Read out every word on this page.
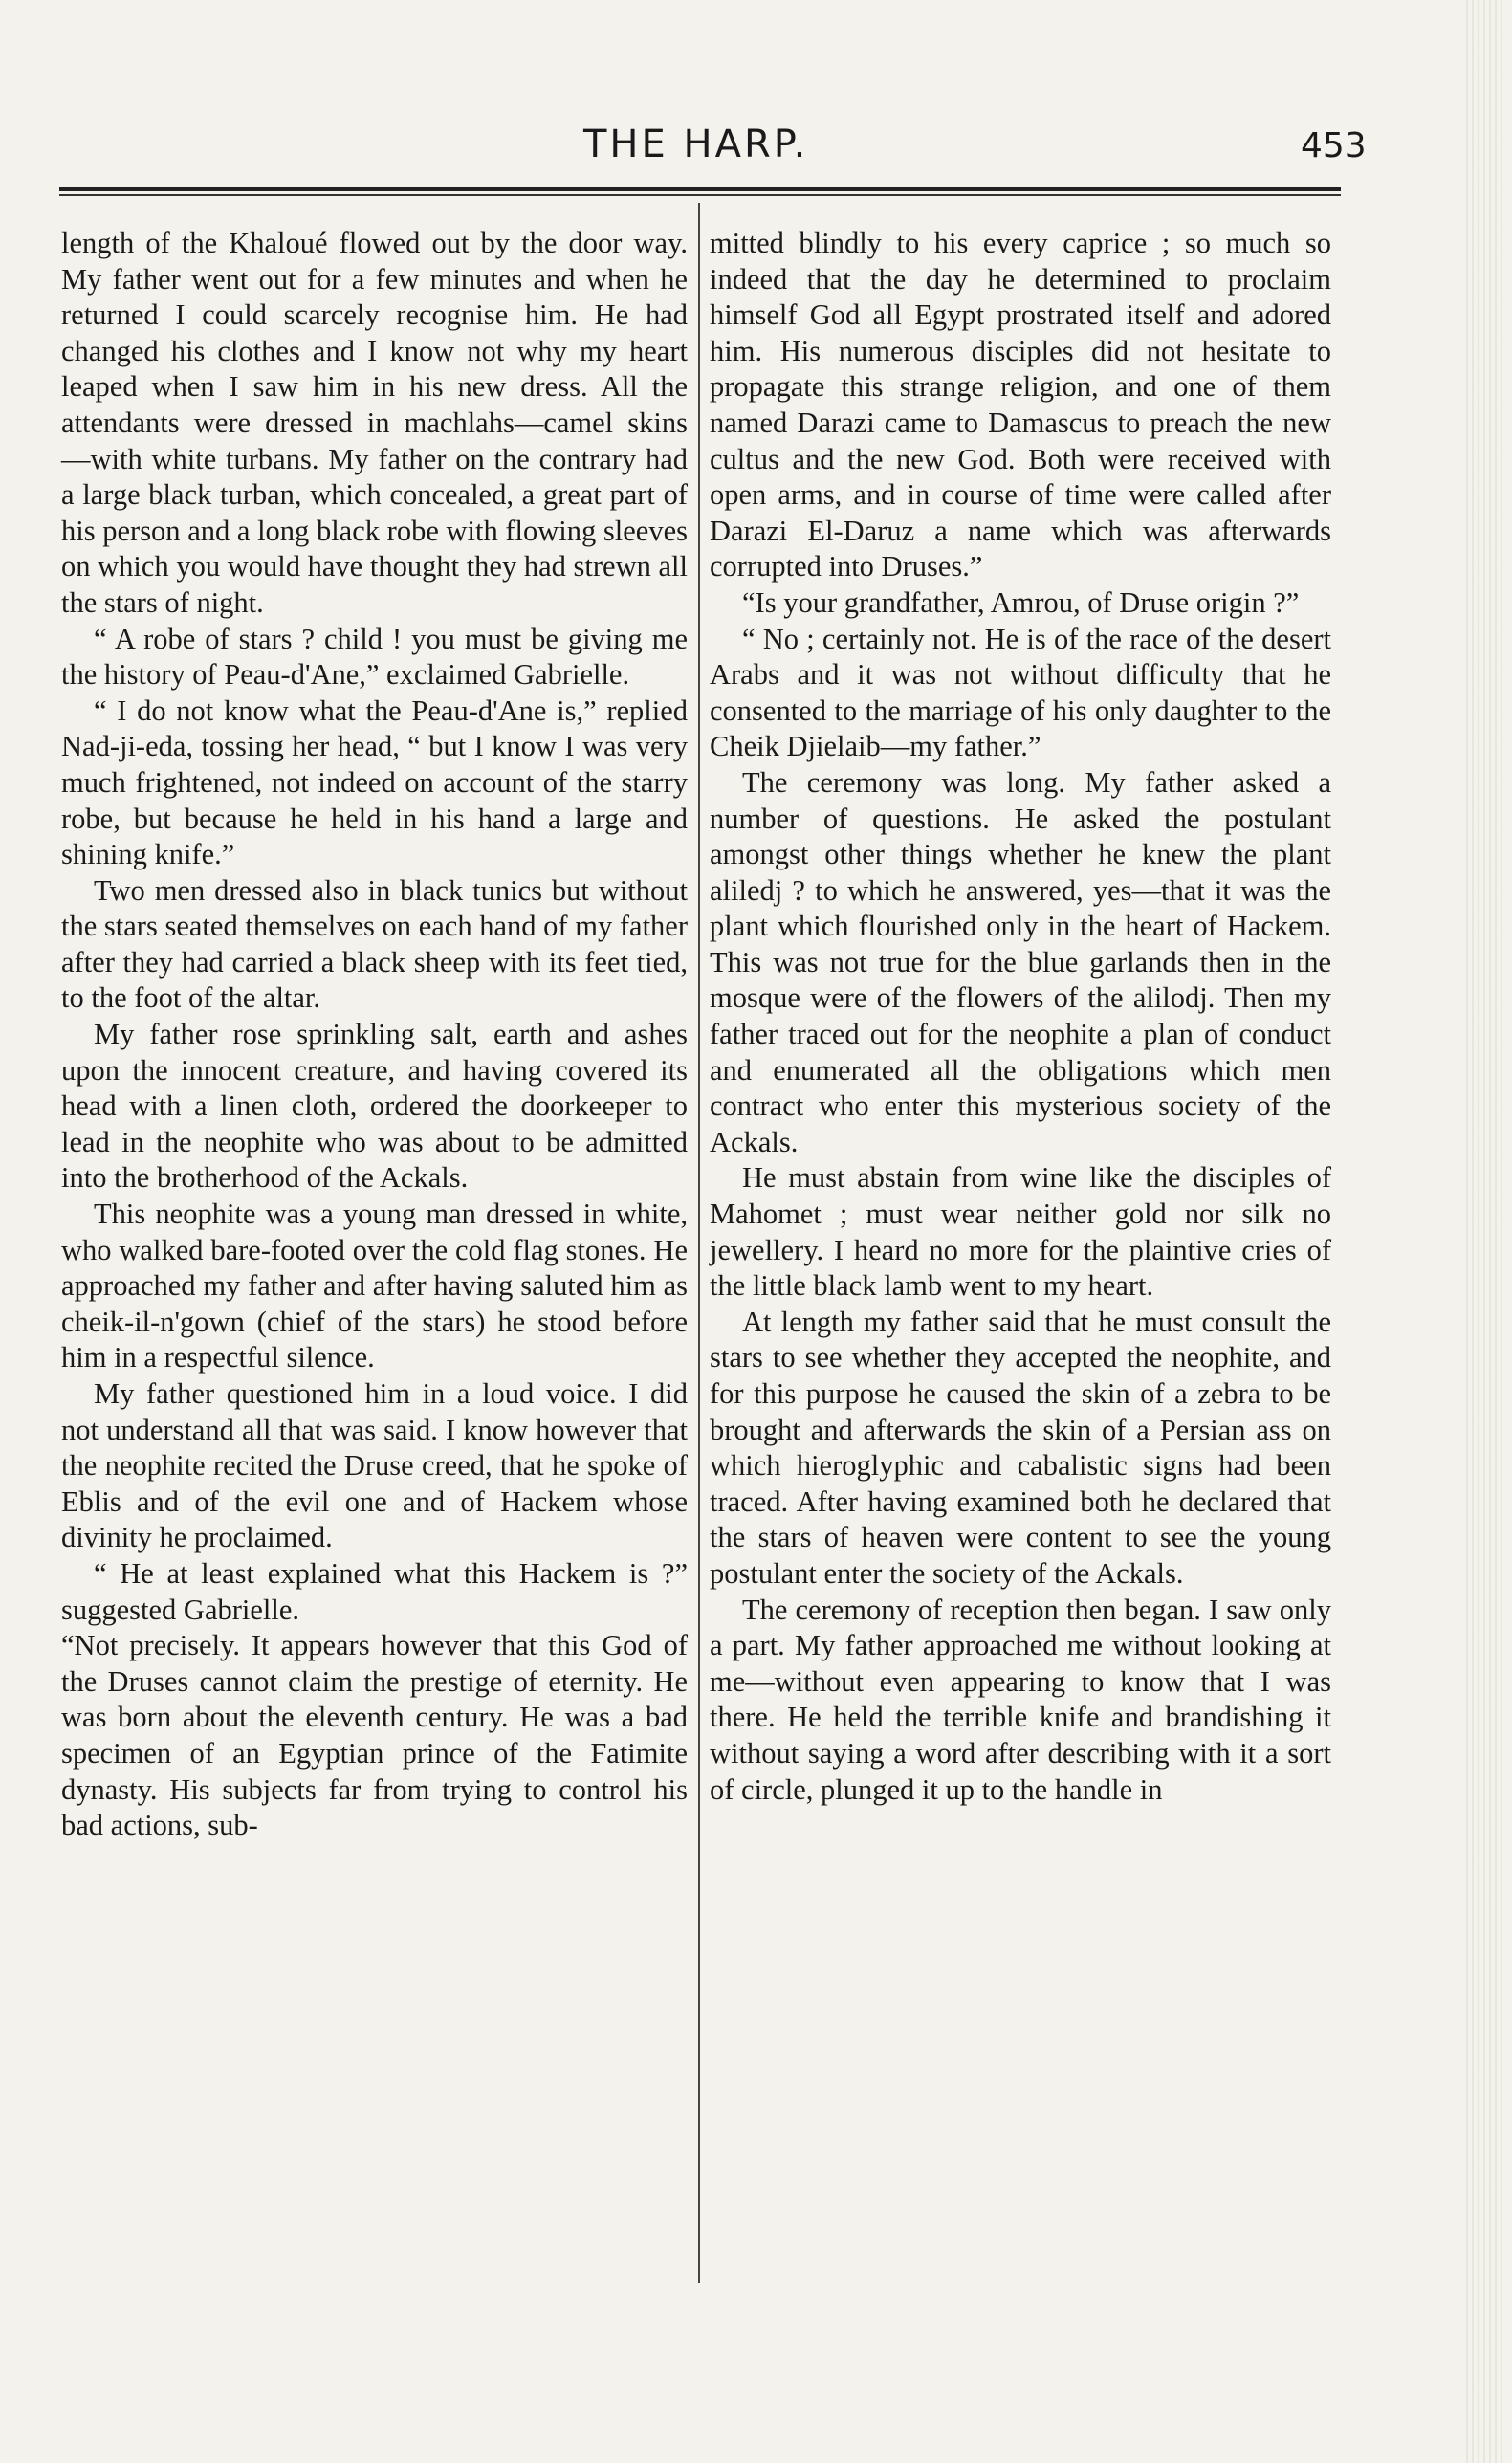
THE HARP.	453

length of the Khaloué flowed out by the door way. My father went out for a few minutes and when he returned I could scarcely recognise him. He had changed his clothes and I know not why my heart leaped when I saw him in his new dress. All the attendants were dressed in machlahs—camel skins —with white turbans. My father on the contrary had a large black turban, which concealed, a great part of his person and a long black robe with flowing sleeves on which you would have thought they had strewn all the stars of night.

“ A robe of stars ? child ! you must be giving me the history of Peau-d'Ane,” exclaimed Gabrielle.

“ I do not know what the Peau-d'Ane is,” replied Nad-ji-eda, tossing her head, “ but I know I was very much frightened, not indeed on account of the starry robe, but because he held in his hand a large and shining knife.”

Two men dressed also in black tunics but without the stars seated themselves on each hand of my father after they had carried a black sheep with its feet tied, to the foot of the altar.

My father rose sprinkling salt, earth and ashes upon the innocent creature, and having covered its head with a linen cloth, ordered the doorkeeper to lead in the neophite who was about to be admitted into the brotherhood of the Ackals.

This neophite was a young man dressed in white, who walked bare-footed over the cold flag stones. He approached my father and after having saluted him as cheik-il-n'gown (chief of the stars) he stood before him in a respectful silence.

My father questioned him in a loud voice. I did not understand all that was said. I know however that the neophite recited the Druse creed, that he spoke of Eblis and of the evil one and of Hackem whose divinity he proclaimed.

“ He at least explained what this Hackem is ?” suggested Gabrielle.

“Not precisely. It appears however that this God of the Druses cannot claim the prestige of eternity. He was born about the eleventh century. He was a bad specimen of an Egyptian prince of the Fatimite dynasty. His subjects far from trying to control his bad actions, sub-

mitted blindly to his every caprice ; so much so indeed that the day he determined to proclaim himself God all Egypt prostrated itself and adored him. His numerous disciples did not hesitate to propagate this strange religion, and one of them named Darazi came to Damascus to preach the new cultus and the new God. Both were received with open arms, and in course of time were called after Darazi El-Daruz a name which was afterwards corrupted into Druses.”

“Is your grandfather, Amrou, of Druse origin ?”

“ No ; certainly not. He is of the race of the desert Arabs and it was not without difficulty that he consented to the marriage of his only daughter to the Cheik Djielaib—my father.”

The ceremony was long. My father asked a number of questions. He asked the postulant amongst other things whether he knew the plant aliledj ? to which he answered, yes—that it was the plant which flourished only in the heart of Hackem. This was not true for the blue garlands then in the mosque were of the flowers of the alilodj. Then my father traced out for the neophite a plan of conduct and enumerated all the obligations which men contract who enter this mysterious society of the Ackals.

He must abstain from wine like the disciples of Mahomet ; must wear neither gold nor silk no jewellery. I heard no more for the plaintive cries of the little black lamb went to my heart.

At length my father said that he must consult the stars to see whether they accepted the neophite, and for this purpose he caused the skin of a zebra to be brought and afterwards the skin of a Persian ass on which hieroglyphic and cabalistic signs had been traced. After having examined both he declared that the stars of heaven were content to see the young postulant enter the society of the Ackals.

The ceremony of reception then began. I saw only a part. My father approached me without looking at me—without even appearing to know that I was there. He held the terrible knife and brandishing it without saying a word after describing with it a sort of circle, plunged it up to the handle in
